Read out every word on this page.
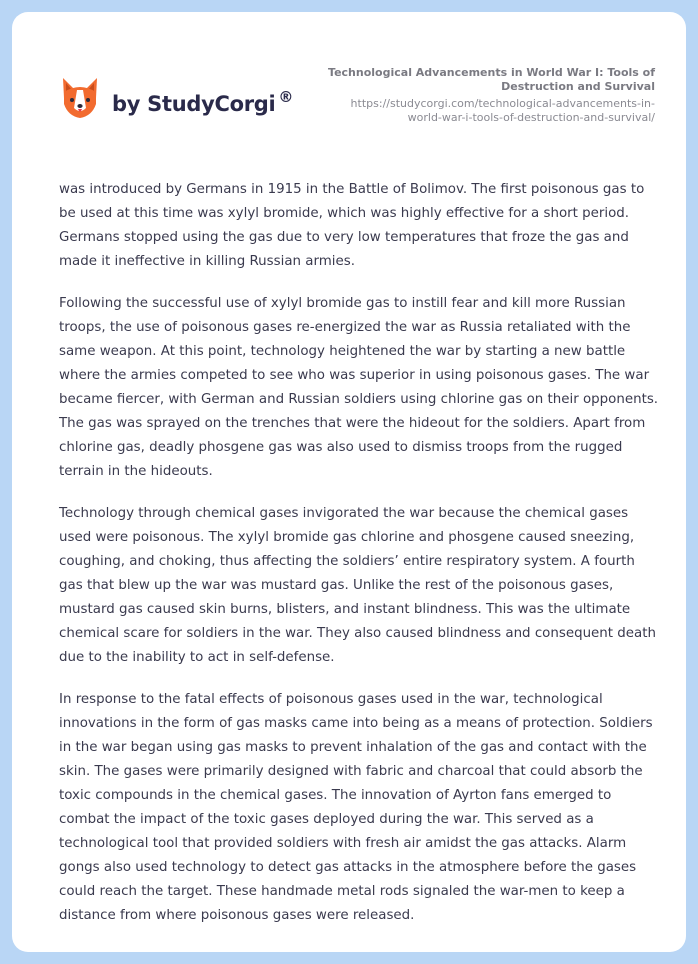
by StudyCorgi ®
Technological Advancements in World War I: Tools of Destruction and Survival
https://studycorgi.com/technological-advancements-in-world-war-i-tools-of-destruction-and-survival/

was introduced by Germans in 1915 in the Battle of Bolimov. The first poisonous gas to be used at this time was xylyl bromide, which was highly effective for a short period. Germans stopped using the gas due to very low temperatures that froze the gas and made it ineffective in killing Russian armies.

Following the successful use of xylyl bromide gas to instill fear and kill more Russian troops, the use of poisonous gases re-energized the war as Russia retaliated with the same weapon. At this point, technology heightened the war by starting a new battle where the armies competed to see who was superior in using poisonous gases. The war became fiercer, with German and Russian soldiers using chlorine gas on their opponents. The gas was sprayed on the trenches that were the hideout for the soldiers. Apart from chlorine gas, deadly phosgene gas was also used to dismiss troops from the rugged terrain in the hideouts.

Technology through chemical gases invigorated the war because the chemical gases used were poisonous. The xylyl bromide gas chlorine and phosgene caused sneezing, coughing, and choking, thus affecting the soldiers’ entire respiratory system. A fourth gas that blew up the war was mustard gas. Unlike the rest of the poisonous gases, mustard gas caused skin burns, blisters, and instant blindness. This was the ultimate chemical scare for soldiers in the war. They also caused blindness and consequent death due to the inability to act in self-defense.

In response to the fatal effects of poisonous gases used in the war, technological innovations in the form of gas masks came into being as a means of protection. Soldiers in the war began using gas masks to prevent inhalation of the gas and contact with the skin. The gases were primarily designed with fabric and charcoal that could absorb the toxic compounds in the chemical gases. The innovation of Ayrton fans emerged to combat the impact of the toxic gases deployed during the war. This served as a technological tool that provided soldiers with fresh air amidst the gas attacks. Alarm gongs also used technology to detect gas attacks in the atmosphere before the gases could reach the target. These handmade metal rods signaled the war-men to keep a distance from where poisonous gases were released.
